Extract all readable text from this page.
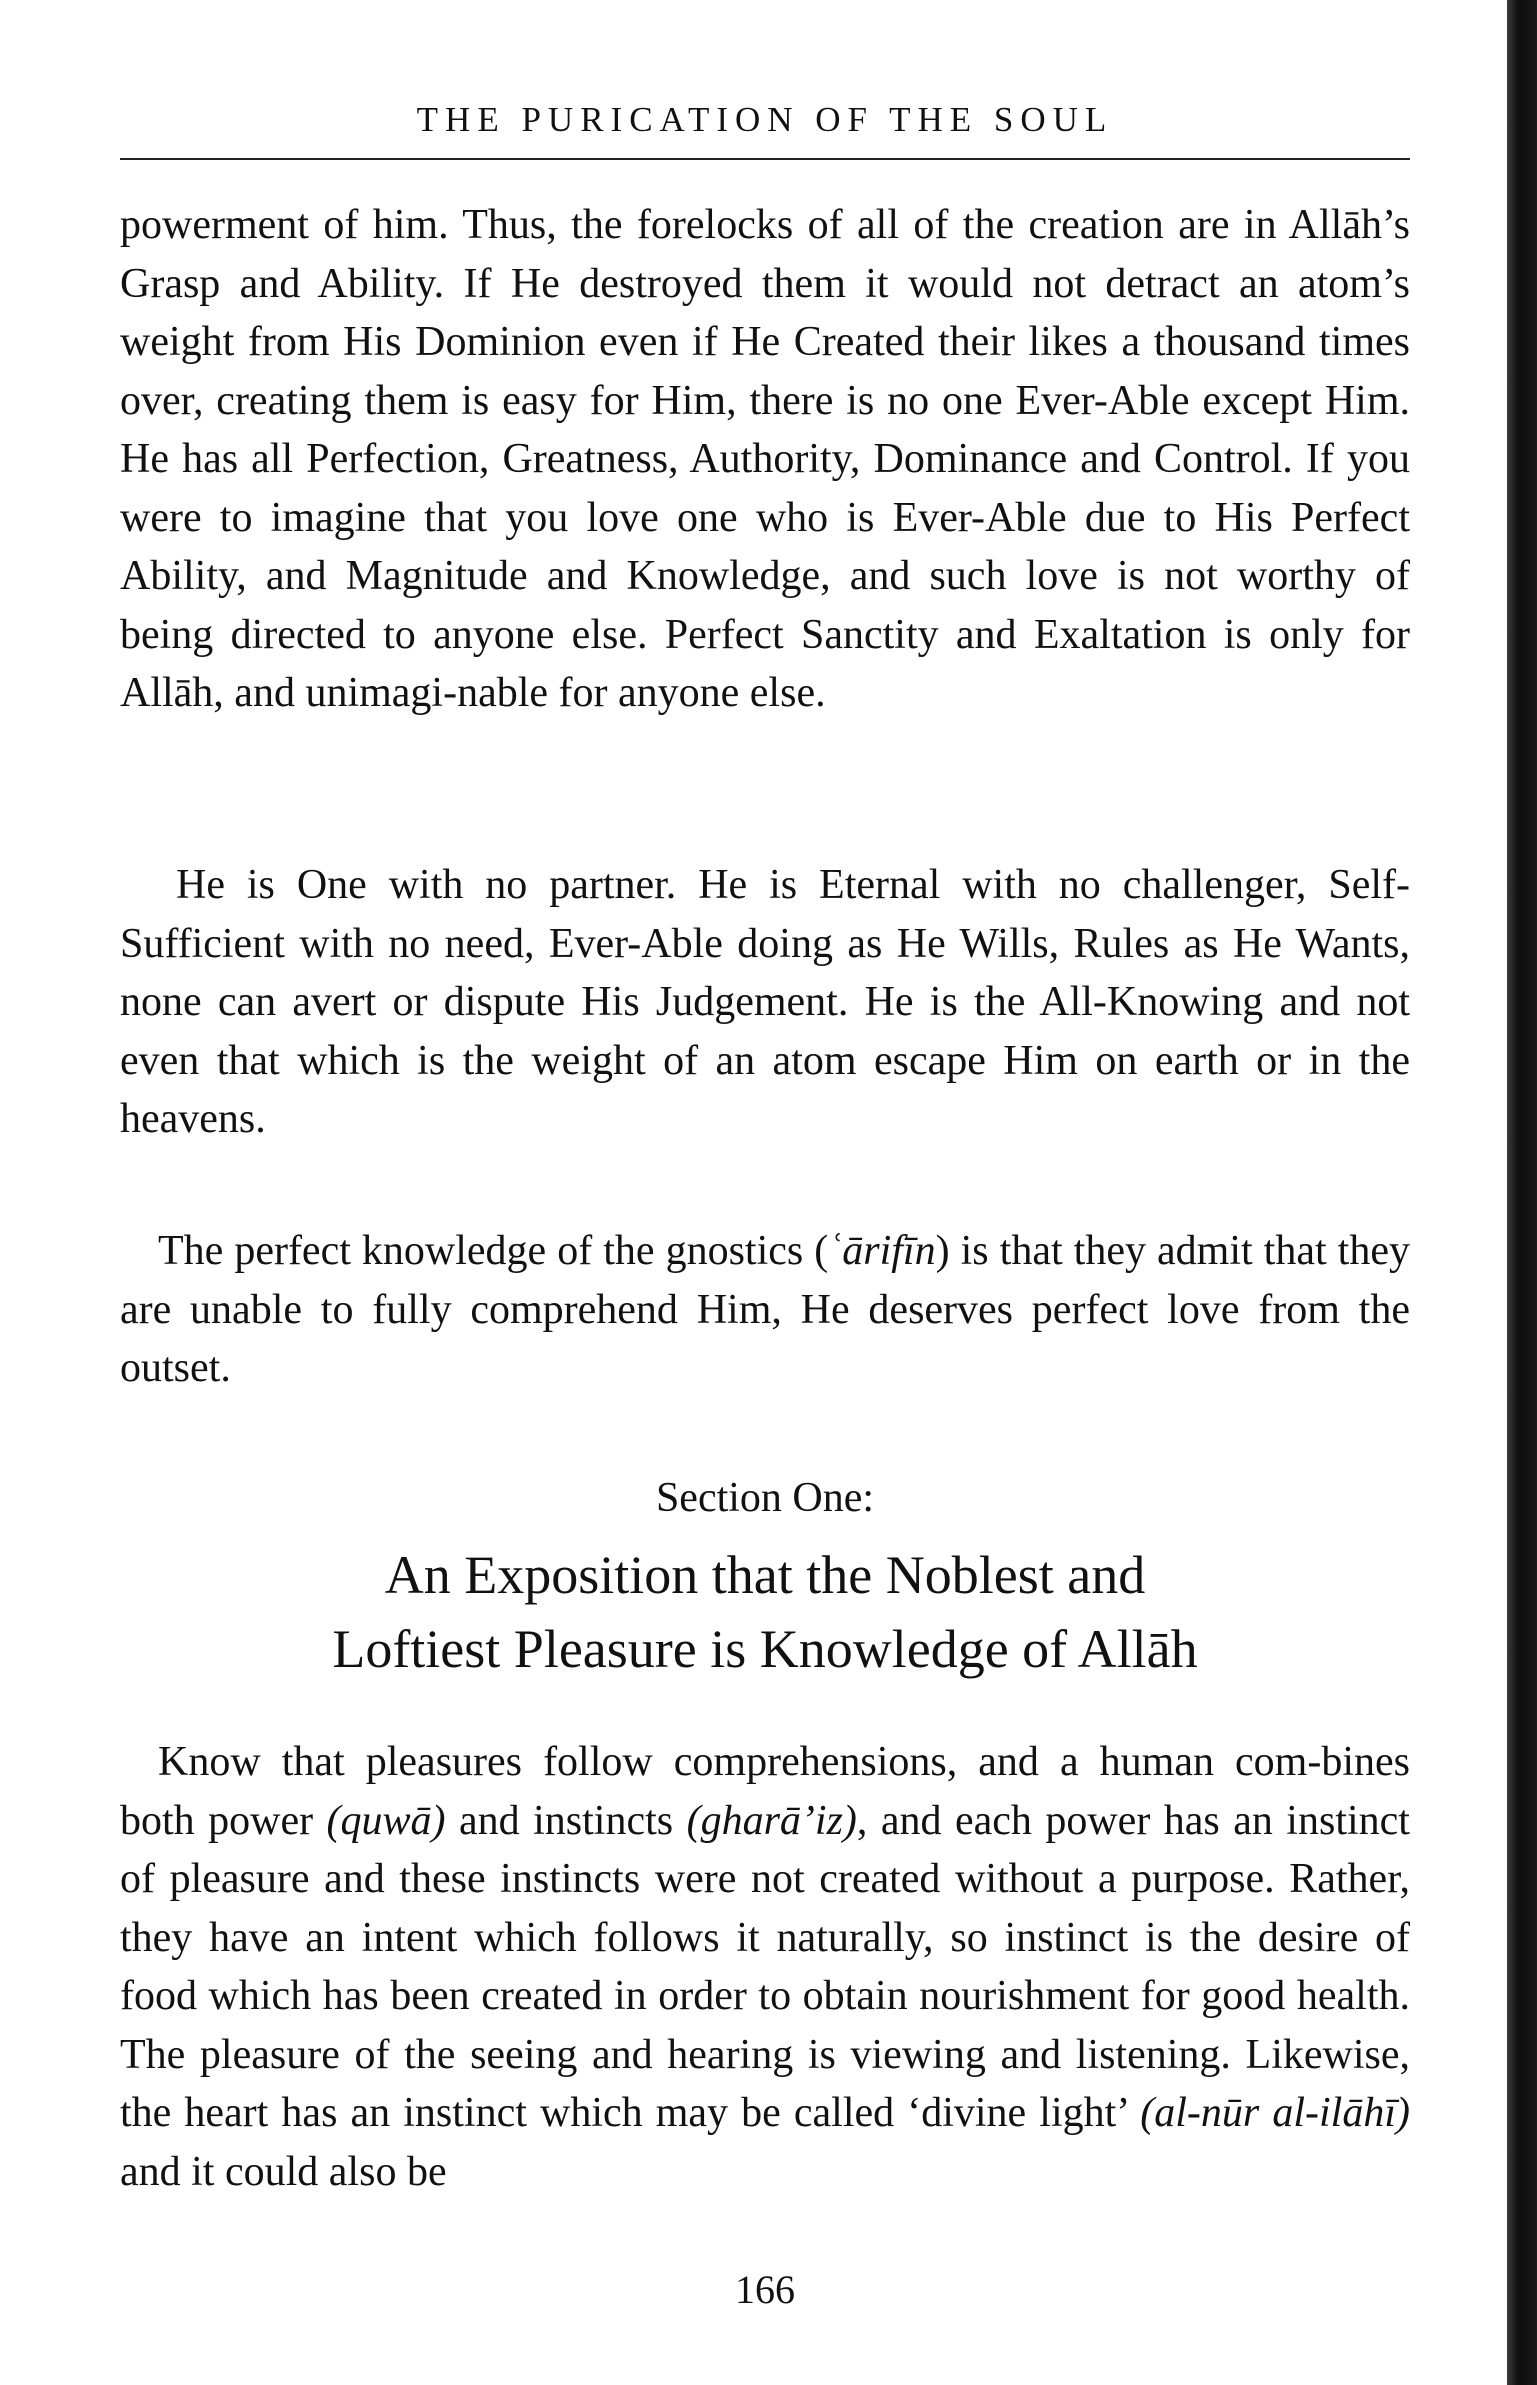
THE PURICATION OF THE SOUL

powerment of him. Thus, the forelocks of all of the creation are in Allāh’s Grasp and Ability. If He destroyed them it would not detract an atom’s weight from His Dominion even if He Created their likes a thousand times over, creating them is easy for Him, there is no one Ever-Able except Him. He has all Perfection, Greatness, Authority, Dominance and Control. If you were to imagine that you love one who is Ever-Able due to His Perfect Ability, and Magnitude and Knowledge, and such love is not worthy of being directed to anyone else. Perfect Sanctity and Exaltation is only for Allāh, and unimagi-nable for anyone else.

He is One with no partner. He is Eternal with no challenger, Self-Sufficient with no need, Ever-Able doing as He Wills, Rules as He Wants, none can avert or dispute His Judgement. He is the All-Knowing and not even that which is the weight of an atom escape Him on earth or in the heavens.

The perfect knowledge of the gnostics (ʿārifīn) is that they admit that they are unable to fully comprehend Him, He deserves perfect love from the outset.

Section One:
An Exposition that the Noblest and
Loftiest Pleasure is Knowledge of Allāh

Know that pleasures follow comprehensions, and a human com-bines both power (quwā) and instincts (gharā’iz), and each power has an instinct of pleasure and these instincts were not created without a purpose. Rather, they have an intent which follows it naturally, so instinct is the desire of food which has been created in order to obtain nourishment for good health. The pleasure of the seeing and hearing is viewing and listening. Likewise, the heart has an instinct which may be called ‘divine light’ (al-nūr al-ilāhī) and it could also be

166
